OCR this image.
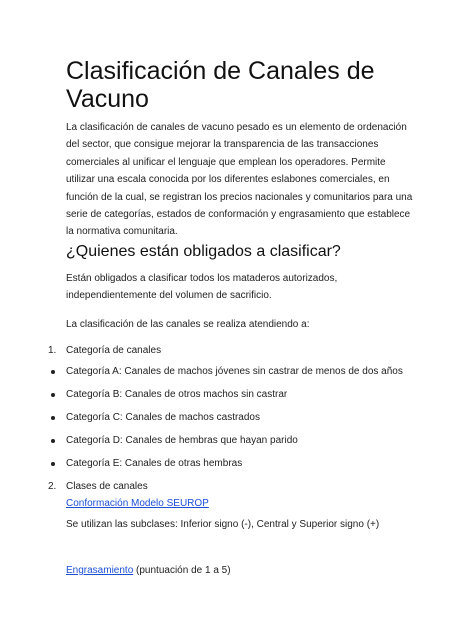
Clasificación de Canales de Vacuno

La clasificación de canales de vacuno pesado es un elemento de ordenación del sector, que consigue mejorar la transparencia de las transacciones comerciales al unificar el lenguaje que emplean los operadores. Permite utilizar una escala conocida por los diferentes eslabones comerciales, en función de la cual, se registran los precios nacionales y comunitarios para una serie de categorías, estados de conformación y engrasamiento que establece la normativa comunitaria.

¿Quienes están obligados a clasificar?

Están obligados a clasificar todos los mataderos autorizados, independientemente del volumen de sacrificio.

La clasificación de las canales se realiza atendiendo a:

1. Categoría de canales
Categoría A: Canales de machos jóvenes sin castrar de menos de dos años
Categoría B: Canales de otros machos sin castrar
Categoría C: Canales de machos castrados
Categoría D: Canales de hembras que hayan parido
Categoría E: Canales de otras hembras
2. Clases de canales
Conformación Modelo SEUROP
Se utilizan las subclases: Inferior signo (-), Central y Superior signo (+)
Engrasamiento (puntuación de 1 a 5)
